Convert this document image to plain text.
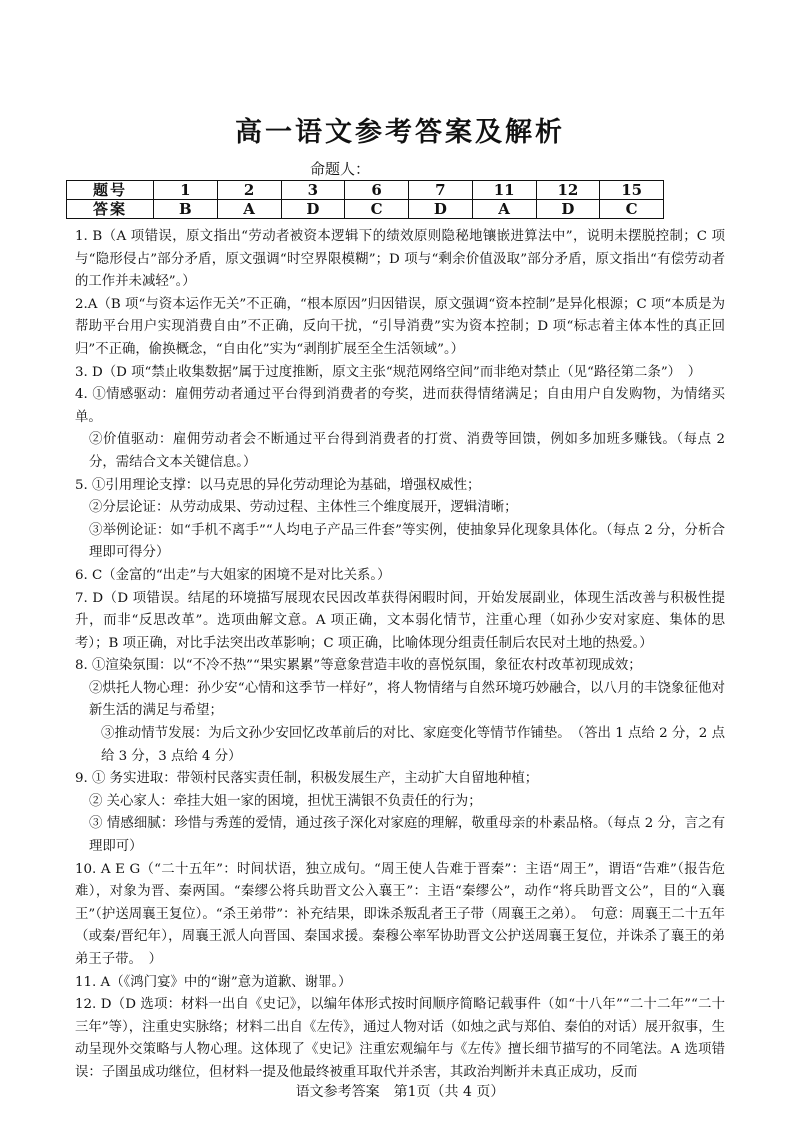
高一语文参考答案及解析
命题人：
题号	1	2	3	6	7	11	12	15
答案	B	A	D	C	D	A	D	C

1. B（A 项错误，原文指出“劳动者被资本逻辑下的绩效原则隐秘地镶嵌进算法中”，说明未摆脱控制；C 项与“隐形侵占”部分矛盾，原文强调“时空界限模糊”；D 项与“剩余价值汲取”部分矛盾，原文指出“有偿劳动者的工作并未减轻”。）

2.A（B 项“与资本运作无关”不正确，“根本原因”归因错误，原文强调“资本控制”是异化根源；C 项“本质是为帮助平台用户实现消费自由”不正确，反向干扰，“引导消费”实为资本控制；D 项“标志着主体本性的真正回归”不正确，偷换概念，“自由化”实为“剥削扩展至全生活领域”。）

3. D（D 项“禁止收集数据”属于过度推断，原文主张“规范网络空间”而非绝对禁止（见“路径第二条”）　）

4. ①情感驱动：雇佣劳动者通过平台得到消费者的夸奖，进而获得情绪满足；自由用户自发购物，为情绪买单。

②价值驱动：雇佣劳动者会不断通过平台得到消费者的打赏、消费等回馈，例如多加班多赚钱。（每点 2 分，需结合文本关键信息。）

5. ①引用理论支撑：以马克思的异化劳动理论为基础，增强权威性；

②分层论证：从劳动成果、劳动过程、主体性三个维度展开，逻辑清晰；

③举例论证：如“手机不离手”“人均电子产品三件套”等实例，使抽象异化现象具体化。（每点 2 分，分析合理即可得分）

6. C（金富的“出走”与大姐家的困境不是对比关系。）

7. D（D 项错误。结尾的环境描写展现农民因改革获得闲暇时间，开始发展副业，体现生活改善与积极性提升，而非“反思改革”。选项曲解文意。A 项正确，文本弱化情节，注重心理（如孙少安对家庭、集体的思考）；B 项正确，对比手法突出改革影响；C 项正确，比喻体现分组责任制后农民对土地的热爱。）

8. ①渲染氛围：以“不冷不热”“果实累累”等意象营造丰收的喜悦氛围，象征农村改革初现成效；

②烘托人物心理：孙少安“心情和这季节一样好”，将人物情绪与自然环境巧妙融合，以八月的丰饶象征他对新生活的满足与希望；

③推动情节发展：为后文孙少安回忆改革前后的对比、家庭变化等情节作铺垫。　（答出 1 点给 2 分，2 点给 3 分，3 点给 4 分）

9. ① 务实进取：带领村民落实责任制，积极发展生产，主动扩大自留地种植；

② 关心家人：牵挂大姐一家的困境，担忧王满银不负责任的行为；

③ 情感细腻：珍惜与秀莲的爱情，通过孩子深化对家庭的理解，敬重母亲的朴素品格。（每点 2 分，言之有理即可）

10. A E G（“二十五年”：时间状语，独立成句。“周王使人告难于晋秦”：主语“周王”，谓语“告难”（报告危难），对象为晋、秦两国。“秦缪公将兵助晋文公入襄王”：主语“秦缪公”，动作“将兵助晋文公”，目的“入襄王”（护送周襄王复位）。“杀王弟带”：补充结果，即诛杀叛乱者王子带（周襄王之弟）。　句意：周襄王二十五年（或秦/晋纪年），周襄王派人向晋国、秦国求援。秦穆公率军协助晋文公护送周襄王复位，并诛杀了襄王的弟弟王子带。　）

11. A（《鸿门宴》中的“谢”意为道歉、谢罪。）

12. D（D 选项：材料一出自《史记》，以编年体形式按时间顺序简略记载事件（如“十八年”“二十二年”“二十三年”等），注重史实脉络；材料二出自《左传》，通过人物对话（如烛之武与郑伯、秦伯的对话）展开叙事，生动呈现外交策略与人物心理。这体现了《史记》注重宏观编年与《左传》擅长细节描写的不同笔法。A 选项错误：子圉虽成功继位，但材料一提及他最终被重耳取代并杀害，其政治判断并未真正成功，反而

语文参考答案　第1页（共 4 页）
